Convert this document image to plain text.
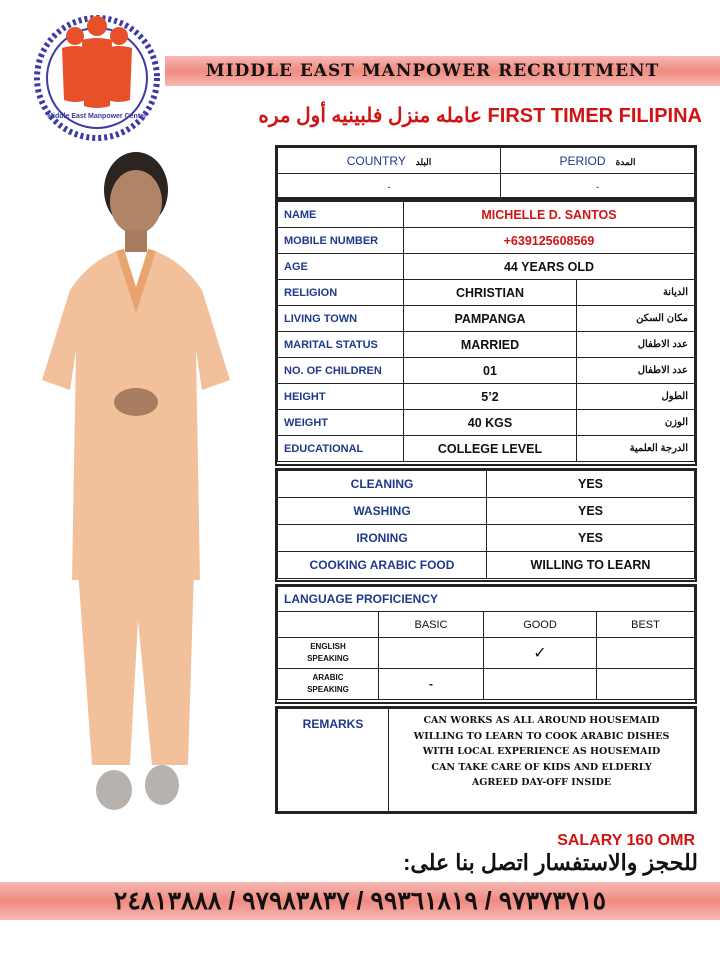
MIDDLE EAST MANPOWER RECRUITMENT
Middle East Manpower Center	عامله منزل فلبينيه أول مره FIRST TIMER FILIPINA
COUNTRY البلد	PERIOD المدة
-	-
NAME	MICHELLE D. SANTOS	
MOBILE NUMBER	+639125608569	
AGE	44 YEARS OLD	
RELIGION	CHRISTIAN	الديانة
LIVING TOWN	PAMPANGA	مكان السكن
MARITAL STATUS	MARRIED	عدد الاطفال
NO. OF CHILDREN	01	عدد الاطفال
HEIGHT	5’2	الطول
WEIGHT	40 KGS	الوزن
EDUCATIONAL	COLLEGE LEVEL	الدرجة العلمية
CLEANING	YES
WASHING	YES
IRONING	YES
COOKING ARABIC FOOD	WILLING TO LEARN
LANGUAGE PROFICIENCY			
	BASIC	GOOD	BEST
ENGLISH
SPEAKING		✓	
ARABIC
SPEAKING	-		
REMARKS	CAN WORKS AS ALL AROUND HOUSEMAID
WILLING TO LEARN TO COOK ARABIC DISHES
WITH LOCAL EXPERIENCE AS HOUSEMAID
CAN TAKE CARE OF KIDS AND ELDERLY
AGREED DAY-OFF INSIDE
SALARY 160 OMR
للحجز والاستفسار اتصل بنا على:
٩٧٣٧٣٧١٥ / ٩٩٣٦١٨١٩ / ٩٧٩٨٣٨٣٧ / ٢٤٨١٣٨٨٨
